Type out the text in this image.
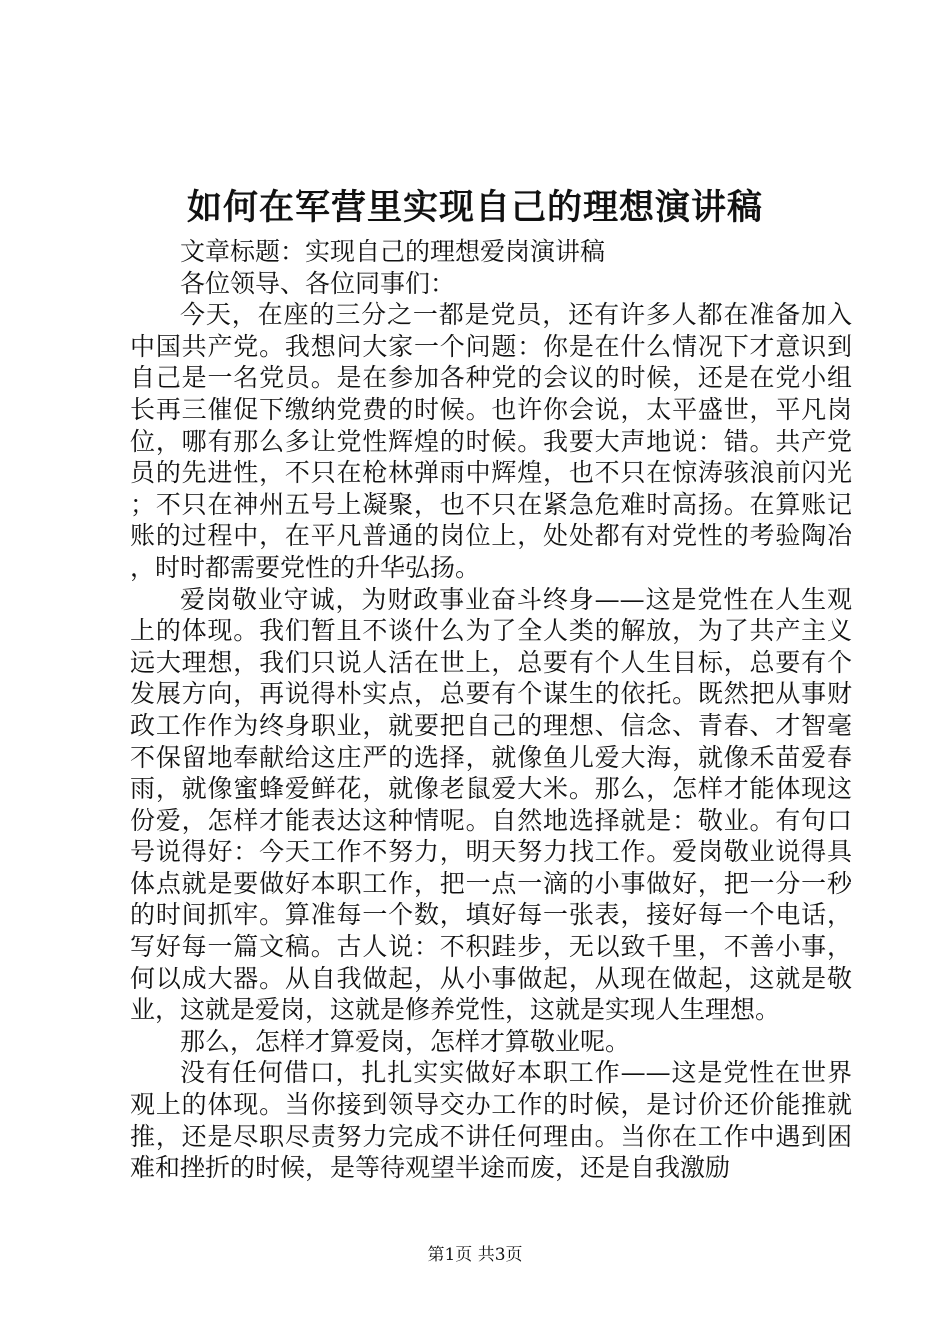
如何在军营里实现自己的理想演讲稿

文章标题：实现自己的理想爱岗演讲稿

各位领导、各位同事们：

今天，在座的三分之一都是党员，还有许多人都在准备加入中国共产党。我想问大家一个问题：你是在什么情况下才意识到自己是一名党员。是在参加各种党的会议的时候，还是在党小组长再三催促下缴纳党费的时候。也许你会说，太平盛世，平凡岗位，哪有那么多让党性辉煌的时候。我要大声地说：错。共产党员的先进性，不只在枪林弹雨中辉煌，也不只在惊涛骇浪前闪光；不只在神州五号上凝聚，也不只在紧急危难时高扬。在算账记账的过程中，在平凡普通的岗位上，处处都有对党性的考验陶冶，时时都需要党性的升华弘扬。

爱岗敬业守诚，为财政事业奋斗终身——这是党性在人生观上的体现。我们暂且不谈什么为了全人类的解放，为了共产主义远大理想，我们只说人活在世上，总要有个人生目标，总要有个发展方向，再说得朴实点，总要有个谋生的依托。既然把从事财政工作作为终身职业，就要把自己的理想、信念、青春、才智毫不保留地奉献给这庄严的选择，就像鱼儿爱大海，就像禾苗爱春雨，就像蜜蜂爱鲜花，就像老鼠爱大米。那么，怎样才能体现这份爱，怎样才能表达这种情呢。自然地选择就是：敬业。有句口号说得好：今天工作不努力，明天努力找工作。爱岗敬业说得具体点就是要做好本职工作，把一点一滴的小事做好，把一分一秒的时间抓牢。算准每一个数，填好每一张表，接好每一个电话，写好每一篇文稿。古人说：不积跬步，无以致千里，不善小事，何以成大器。从自我做起，从小事做起，从现在做起，这就是敬业，这就是爱岗，这就是修养党性，这就是实现人生理想。

那么，怎样才算爱岗，怎样才算敬业呢。

没有任何借口，扎扎实实做好本职工作——这是党性在世界观上的体现。当你接到领导交办工作的时候，是讨价还价能推就推，还是尽职尽责努力完成不讲任何理由。当你在工作中遇到困难和挫折的时候，是等待观望半途而废，还是自我激励

第1页 共3页
